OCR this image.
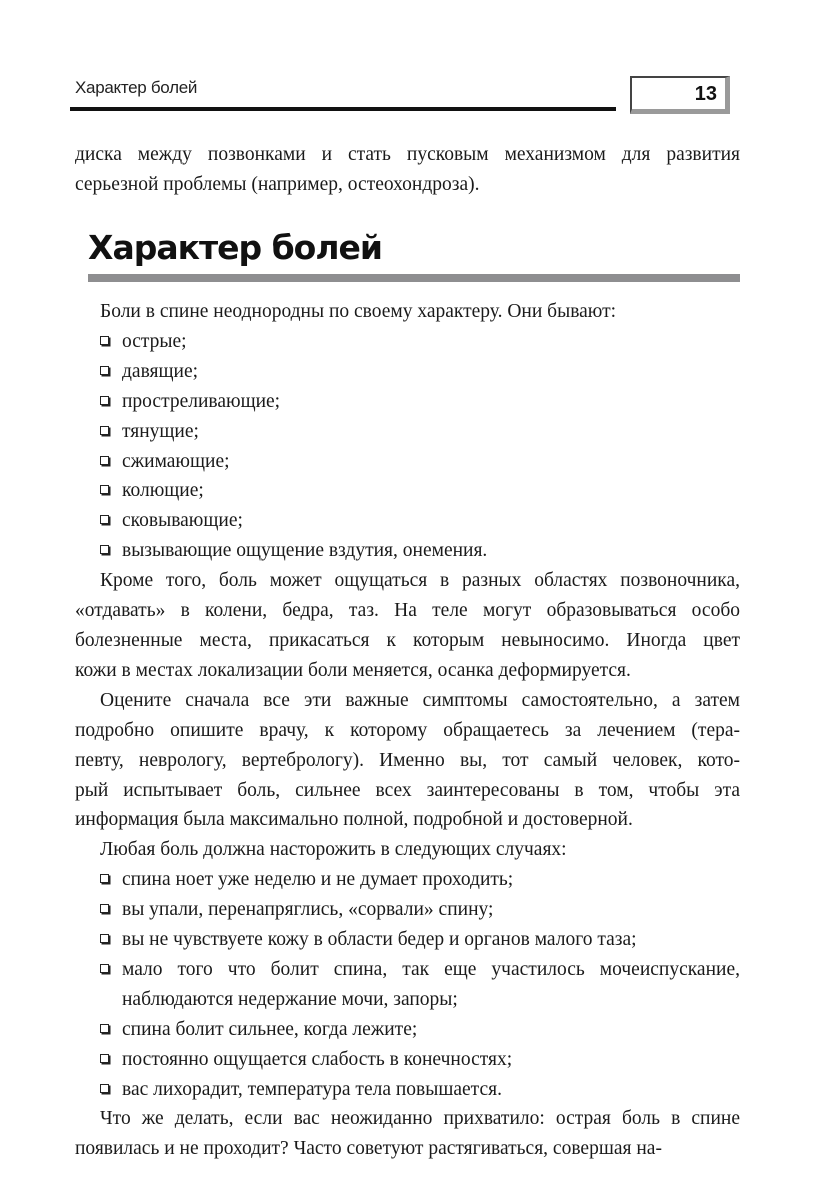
Характер болей	13
диска между позвонками и стать пусковым механизмом для развития
серьезной проблемы (например, остеохондроза).
Характер болей
Боли в спине неоднородны по своему характеру. Они бывают:
острые;
давящие;
простреливающие;
тянущие;
сжимающие;
колющие;
сковывающие;
вызывающие ощущение вздутия, онемения.
Кроме того, боль может ощущаться в разных областях позвоночника,
«отдавать» в колени, бедра, таз. На теле могут образовываться особо
болезненные места, прикасаться к которым невыносимо. Иногда цвет
кожи в местах локализации боли меняется, осанка деформируется.
Оцените сначала все эти важные симптомы самостоятельно, а затем
подробно опишите врачу, к которому обращаетесь за лечением (тера-
певту, неврологу, вертебрологу). Именно вы, тот самый человек, кото-
рый испытывает боль, сильнее всех заинтересованы в том, чтобы эта
информация была максимально полной, подробной и достоверной.
Любая боль должна насторожить в следующих случаях:
спина ноет уже неделю и не думает проходить;
вы упали, перенапряглись, «сорвали» спину;
вы не чувствуете кожу в области бедер и органов малого таза;
мало того что болит спина, так еще участилось мочеиспускание,
наблюдаются недержание мочи, запоры;
спина болит сильнее, когда лежите;
постоянно ощущается слабость в конечностях;
вас лихорадит, температура тела повышается.
Что же делать, если вас неожиданно прихватило: острая боль в спине
появилась и не проходит? Часто советуют растягиваться, совершая на-
